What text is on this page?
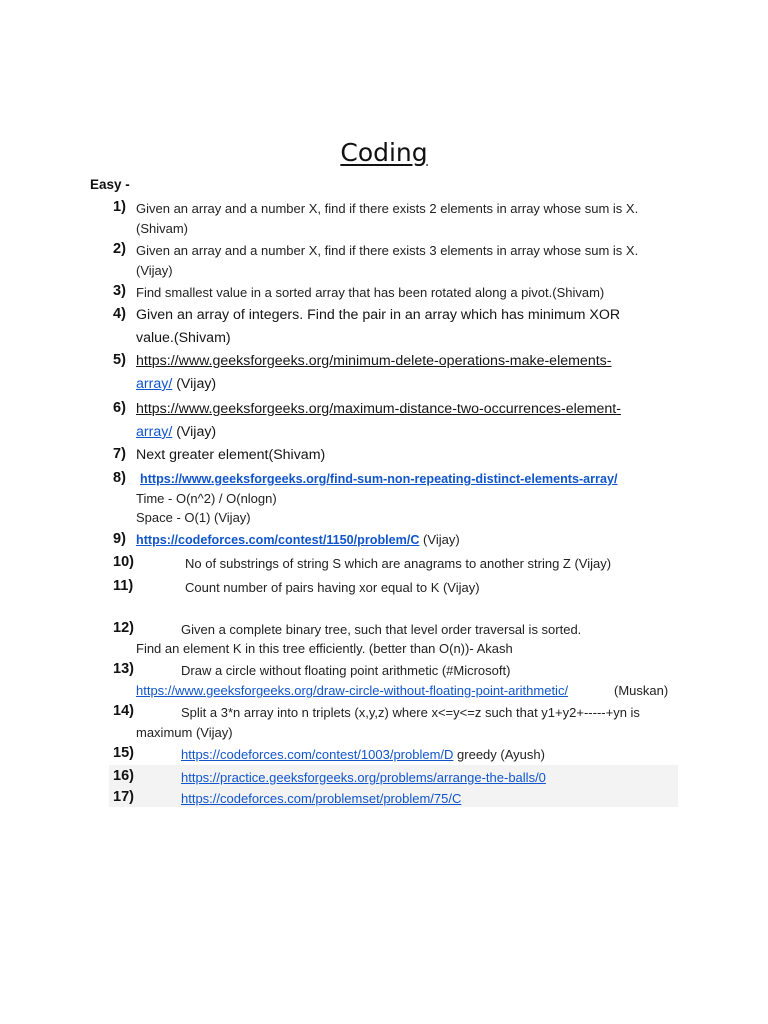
Coding
Easy -
1) Given an array and a number X, find if there exists 2 elements in array whose sum is X.
(Shivam)
2) Given an array and a number X, find if there exists 3 elements in array whose sum is X.
(Vijay)
3) Find smallest value in a sorted array that has been rotated along a pivot.(Shivam)
4) Given an array of integers. Find the pair in an array which has minimum XOR
value.(Shivam)
5) https://www.geeksforgeeks.org/minimum-delete-operations-make-elements-
array/ (Vijay)
6) https://www.geeksforgeeks.org/maximum-distance-two-occurrences-element-
array/ (Vijay)
7) Next greater element(Shivam)
8) https://www.geeksforgeeks.org/find-sum-non-repeating-distinct-elements-array/
Time - O(n^2) / O(nlogn)
Space - O(1) (Vijay)
9) https://codeforces.com/contest/1150/problem/C (Vijay)
10)	No of substrings of string S which are anagrams to another string Z (Vijay)
11)	Count number of pairs having xor equal to K (Vijay)
12)	Given a complete binary tree, such that level order traversal is sorted.
Find an element K in this tree efficiently. (better than O(n))- Akash
13)	Draw a circle without floating point arithmetic (#Microsoft)
https://www.geeksforgeeks.org/draw-circle-without-floating-point-arithmetic/	(Muskan)
14)	Split a 3*n array into n triplets (x,y,z) where x<=y<=z such that y1+y2+-----+yn is
maximum (Vijay)
15)	https://codeforces.com/contest/1003/problem/D greedy (Ayush)
16)	https://practice.geeksforgeeks.org/problems/arrange-the-balls/0
17)	https://codeforces.com/problemset/problem/75/C
